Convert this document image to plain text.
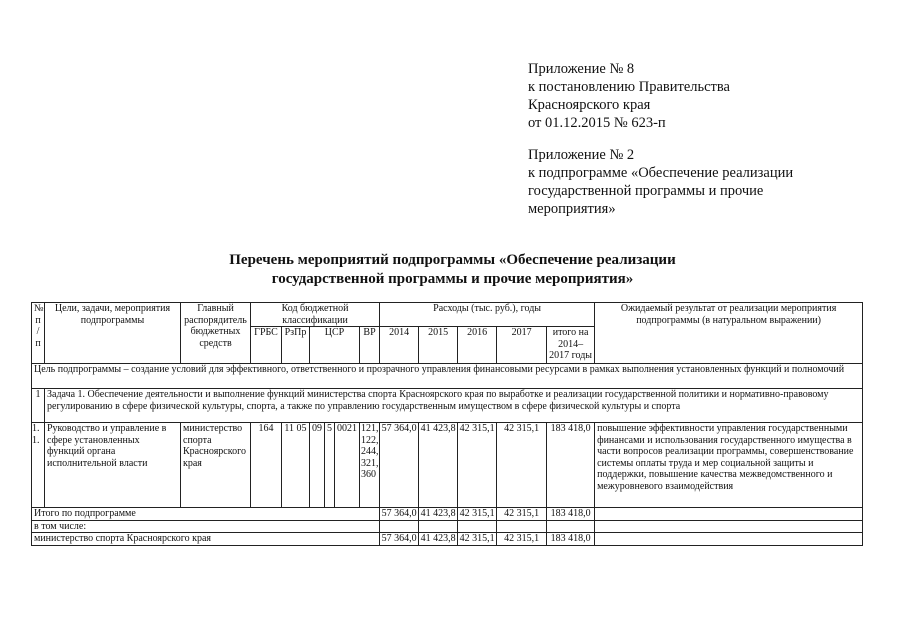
Приложение № 8
к постановлению Правительства
Красноярского края
от 01.12.2015 № 623-п
Приложение № 2
к подпрограмме «Обеспечение реализации
государственной программы и прочие
мероприятия»
Перечень мероприятий подпрограммы «Обеспечение реализации
государственной программы и прочие мероприятия»
№ п/п	Цели, задачи, мероприятия подпрограммы	Главный распорядитель бюджетных средств	Код бюджетной классификации						Расходы (тыс. руб.), годы					Ожидаемый результат от реализации мероприятия подпрограммы (в натуральном выражении)
			ГРБС	РзПр	ЦСР			ВР	2014	2015	2016	2017	итого на 2014–2017 годы	
Цель подпрограммы – создание условий для эффективного, ответственного и прозрачного управления финансовыми ресурсами в рамках выполнения установленных функций и полномочий														
1	Задача 1. Обеспечение деятельности и выполнение функций министерства спорта Красноярского края по выработке и реализации государственной политики и нормативно-правовому регулированию в сфере физической культуры, спорта, а также по управлению государственным имуществом в сфере физической культуры и спорта													
1.1.	Руководство и управление в сфере установленных функций органа исполнительной власти	министерство спорта Красноярского края	164	11 05	09	5	0021	121, 122, 244, 321, 360	57 364,0	41 423,8	42 315,1	42 315,1	183 418,0	повышение эффективности управления государственными финансами и использования государственного имущества в части вопросов реализации программы, совершенствование системы оплаты труда и мер социальной защиты и поддержки, повышение качества межведомственного и межуровневого взаимодействия
Итого по подпрограмме									57 364,0	41 423,8	42 315,1	42 315,1	183 418,0	
в том числе:														
министерство спорта Красноярского края									57 364,0	41 423,8	42 315,1	42 315,1	183 418,0	
